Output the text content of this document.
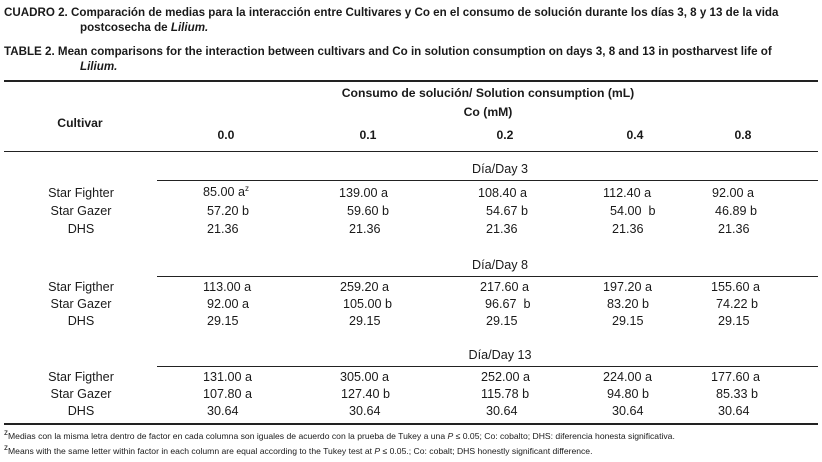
CUADRO 2. Comparación de medias para la interacción entre Cultivares y Co en el consumo de solución durante los días 3, 8 y 13 de la vida
postcosecha de Lilium.
TABLE 2. Mean comparisons for the interaction between cultivars and Co in solution consumption on days 3, 8 and 13 in postharvest life of
Lilium.
Consumo de solución/ Solution consumption (mL)
Co (mM)
Cultivar
0.0	0.1	0.2	0.4	0.8
Día/Day 3
Star Fighter	85.00 $a^z$	139.00 a	108.40 a	112.40 a	92.00 a
Star Gazer	57.20 b	59.60 b	54.67 b	54.00  b	46.89 b
DHS	21.36	21.36	21.36	21.36	21.36
Día/Day 8
Star Figther	113.00 a	259.20 a	217.60 a	197.20 a	155.60 a
Star Gazer	92.00 a	105.00 b	96.67  b	83.20 b	74.22 b
DHS	29.15	29.15	29.15	29.15	29.15
Día/Day 13
Star Figther	131.00 a	305.00 a	252.00 a	224.00 a	177.60 a
Star Gazer	107.80 a	127.40 b	115.78 b	94.80 b	85.33 b
DHS	30.64	30.64	30.64	30.64	30.64
$^z$Medias con la misma letra dentro de factor en cada columna son iguales de acuerdo con la prueba de Tukey a una P ≤ 0.05; Co: cobalto; DHS: diferencia honesta significativa.
$^z$Means with the same letter within factor in each column are equal according to the Tukey test at P ≤ 0.05.; Co: cobalt; DHS honestly significant difference.
